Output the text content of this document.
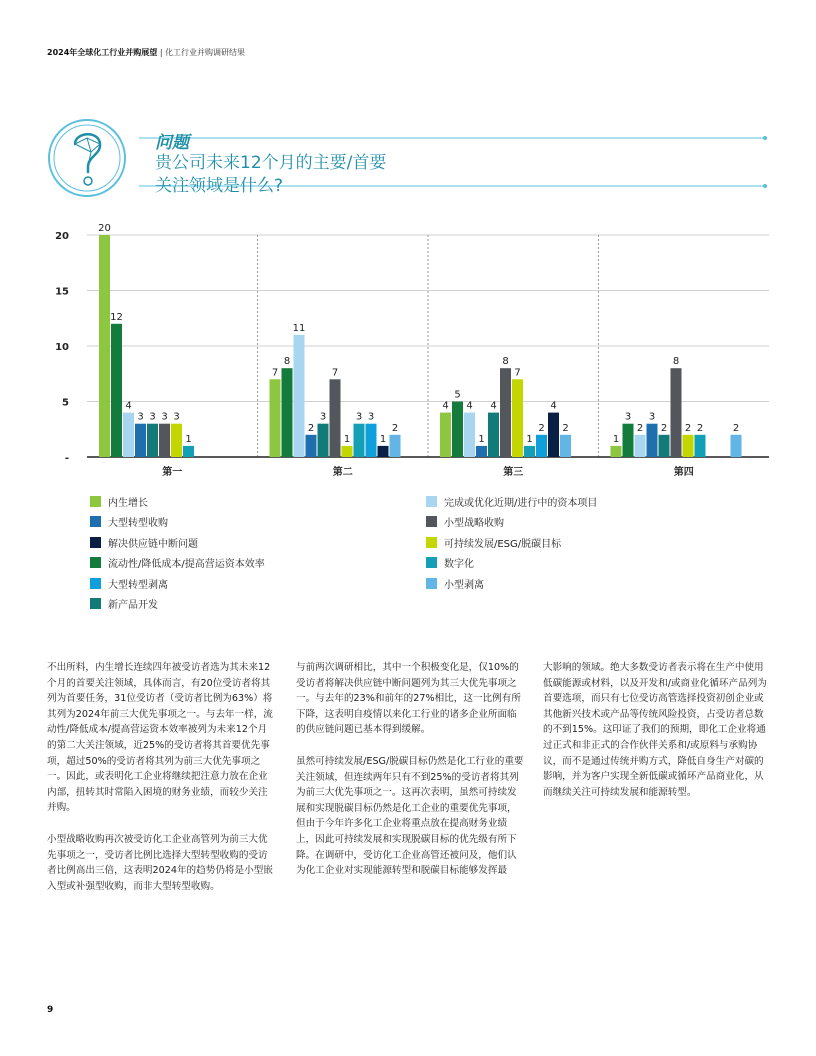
2024年全球化工行业并购展望 | 化工行业并购调研结果
问题
贵公司未来12个月的主要/首要
关注领域是什么?
-
5
10
15
20
20
12
4
3 3 3 3
1
第一
7
8
11
2
3
7
1
3 3
1
2
第二
4
5
4
1
4
8
7
1
2
4
2
第三
1
3
2
3
2
8
2 2	2
第四
内生增长
大型转型收购
解决供应链中断问题
流动性/降低成本/提高营运资本效率
大型转型剥离
新产品开发
完成或优化近期/进行中的资本项目
小型战略收购
可持续发展/ESG/脱碳目标
数字化
小型剥离

不出所料，内生增长连续四年被受访者选为其未来12个月的首要关注领域，具体而言，有20位受访者将其列为首要任务，31位受访者（受访者比例为63%）将其列为2024年前三大优先事项之一。与去年一样，流动性/降低成本/提高营运资本效率被列为未来12个月的第二大关注领域，近25%的受访者将其首要优先事项，超过50%的受访者将其列为前三大优先事项之一。因此，或表明化工企业将继续把注意力放在企业内部，扭转其时常陷入困境的财务业绩，而较少关注并购。

小型战略收购再次被受访化工企业高管列为前三大优先事项之一，受访者比例比选择大型转型收购的受访者比例高出三倍，这表明2024年的趋势仍将是小型嵌入型或补强型收购，而非大型转型收购。

与前两次调研相比，其中一个积极变化是，仅10%的受访者将解决供应链中断问题列为其三大优先事项之一。与去年的23%和前年的27%相比，这一比例有所下降，这表明自疫情以来化工行业的诸多企业所面临的供应链问题已基本得到缓解。

虽然可持续发展/ESG/脱碳目标仍然是化工行业的重要关注领域，但连续两年只有不到25%的受访者将其列为前三大优先事项之一。这再次表明，虽然可持续发展和实现脱碳目标仍然是化工企业的重要优先事项，但由于今年许多化工企业将重点放在提高财务业绩上，因此可持续发展和实现脱碳目标的优先级有所下降。在调研中，受访化工企业高管还被问及，他们认为化工企业对实现能源转型和脱碳目标能够发挥最

大影响的领域。绝大多数受访者表示将在生产中使用低碳能源或材料，以及开发和/或商业化循环产品列为首要选项，而只有七位受访高管选择投资初创企业或其他新兴技术或产品等传统风险投资，占受访者总数的不到15%。这印证了我们的预期，即化工企业将通过正式和非正式的合作伙伴关系和/或原料与承购协议，而不是通过传统并购方式，降低自身生产对碳的影响，并为客户实现全新低碳或循环产品商业化，从而继续关注可持续发展和能源转型。

9
